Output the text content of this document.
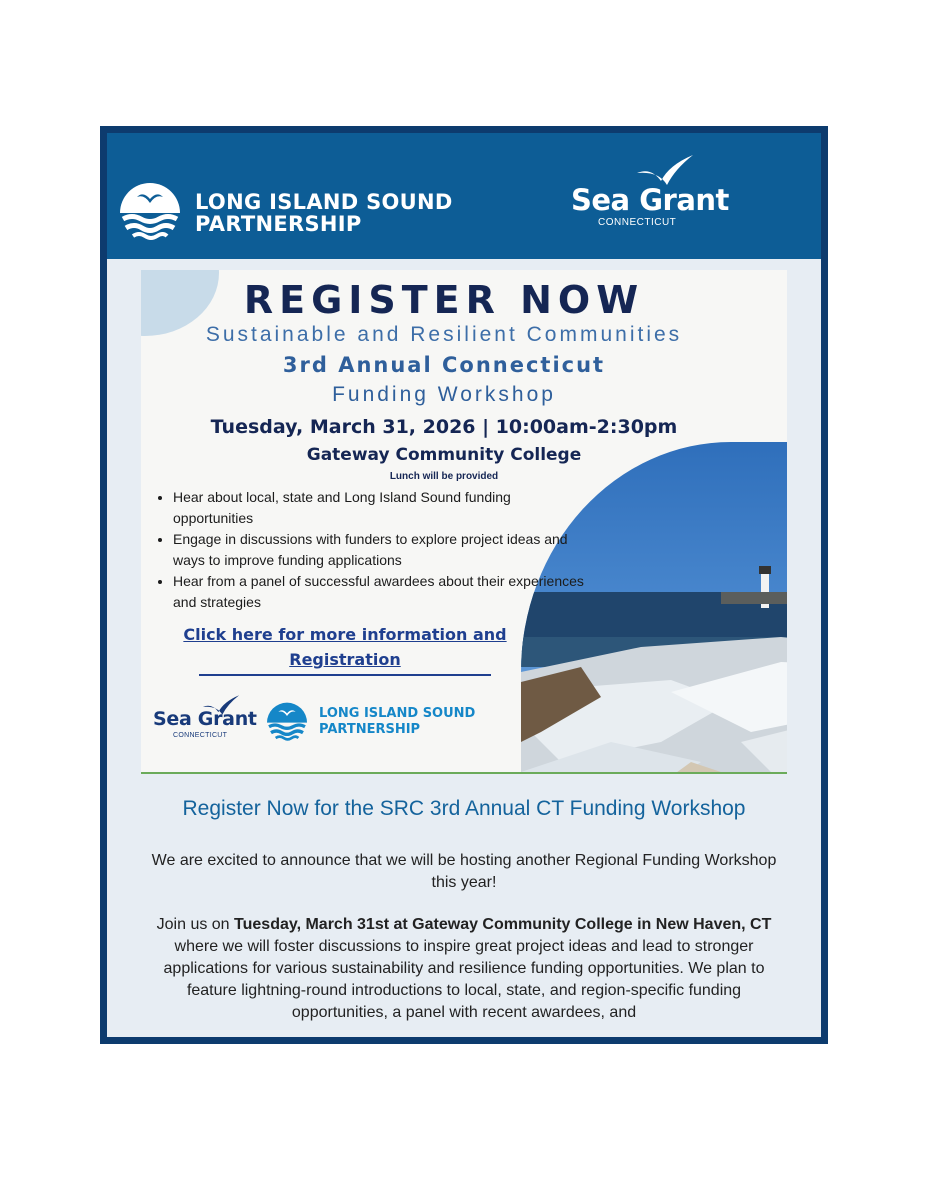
LONG ISLAND SOUND
PARTNERSHIP
Sea Grant
CONNECTICUT
REGISTER NOW
Sustainable and Resilient Communities
3rd Annual Connecticut
Funding Workshop
Tuesday, March 31, 2026 | 10:00am-2:30pm
Gateway Community College
Lunch will be provided
• Hear about local, state and Long Island Sound funding opportunities
• Engage in discussions with funders to explore project ideas and ways to improve funding applications
• Hear from a panel of successful awardees about their experiences and strategies
Click here for more information and
Registration
Sea Grant
CONNECTICUT
LONG ISLAND SOUND
PARTNERSHIP
Register Now for the SRC 3rd Annual CT Funding Workshop

We are excited to announce that we will be hosting another Regional Funding Workshop this year!

Join us on Tuesday, March 31st at Gateway Community College in New Haven, CT where we will foster discussions to inspire great project ideas and lead to stronger applications for various sustainability and resilience funding opportunities. We plan to feature lightning-round introductions to local, state, and region-specific funding opportunities, a panel with recent awardees, and
